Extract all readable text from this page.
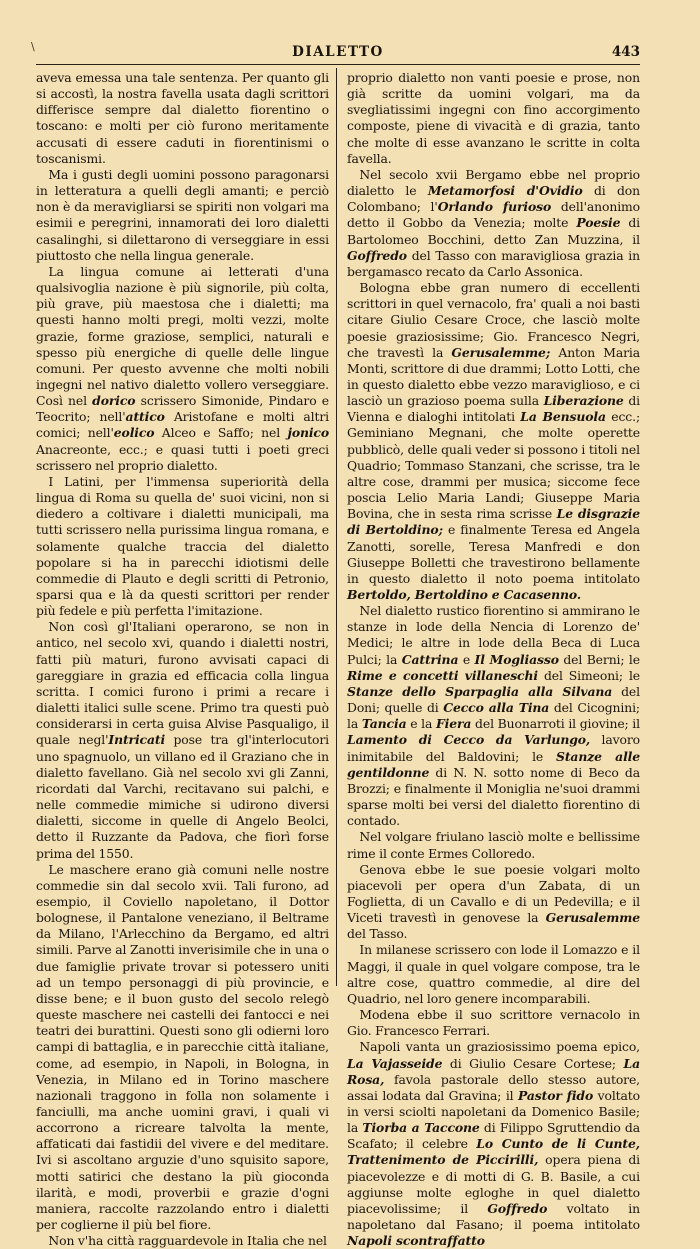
\	DIALETTO	443

aveva emessa una tale sentenza. Per quanto gli si accostì, la nostra favella usata dagli scrittori differisce sempre dal dialetto fiorentino o toscano: e molti per ciò furono meritamente accusati di essere caduti in fiorentinismi o toscanismi.

Ma i gusti degli uomini possono paragonarsi in letteratura a quelli degli amanti; e perciò non è da meravigliarsi se spiriti non volgari ma esimii e peregrini, innamorati dei loro dialetti casalinghi, si dilettarono di verseggiare in essi piuttosto che nella lingua generale.

La lingua comune ai letterati d'una qualsivoglia nazione è più signorile, più colta, più grave, più maestosa che i dialetti; ma questi hanno molti pregi, molti vezzi, molte grazie, forme graziose, semplici, naturali e spesso più energiche di quelle delle lingue comuni. Per questo avvenne che molti nobili ingegni nel nativo dialetto vollero verseggiare. Così nel dorico scrissero Simonide, Pindaro e Teocrito; nell'attico Aristofane e molti altri comici; nell'eolico Alceo e Saffo; nel jonico Anacreonte, ecc.; e quasi tutti i poeti greci scrissero nel proprio dialetto.

I Latini, per l'immensa superiorità della lingua di Roma su quella de' suoi vicini, non si diedero a coltivare i dialetti municipali, ma tutti scrissero nella purissima lingua romana, e solamente qualche traccia del dialetto popolare si ha in parecchi idiotismi delle commedie di Plauto e degli scritti di Petronio, sparsi qua e là da questi scrittori per render più fedele e più perfetta l'imitazione.

Non così gl'Italiani operarono, se non in antico, nel secolo xvi, quando i dialetti nostri, fatti più maturi, furono avvisati capaci di gareggiare in grazia ed efficacia colla lingua scritta. I comici furono i primi a recare i dialetti italici sulle scene. Primo tra questi può considerarsi in certa guisa Alvise Pasqualigo, il quale negl'Intricati pose tra gl'interlocutori uno spagnuolo, un villano ed il Graziano che in dialetto favellano. Già nel secolo xvi gli Zanni, ricordati dal Varchi, recitavano sui palchi, e nelle commedie mimiche si udirono diversi dialetti, siccome in quelle di Angelo Beolci, detto il Ruzzante da Padova, che fiorì forse prima del 1550.

Le maschere erano già comuni nelle nostre commedie sin dal secolo xvii. Tali furono, ad esempio, il Coviello napoletano, il Dottor bolognese, il Pantalone veneziano, il Beltrame da Milano, l'Arlecchino da Bergamo, ed altri simili. Parve al Zanotti inverisimile che in una o due famiglie private trovar si potessero uniti ad un tempo personaggi di più provincie, e disse bene; e il buon gusto del secolo relegò queste maschere nei castelli dei fantocci e nei teatri dei burattini. Questi sono gli odierni loro campi di battaglia, e in parecchie città italiane, come, ad esempio, in Napoli, in Bologna, in Venezia, in Milano ed in Torino maschere nazionali traggono in folla non solamente i fanciulli, ma anche uomini gravi, i quali vi accorrono a ricreare talvolta la mente, affaticati dai fastidii del vivere e del meditare. Ivi si ascoltano arguzie d'uno squisito sapore, motti satirici che destano la più gioconda ilarità, e modi, proverbii e grazie d'ogni maniera, raccolte razzolando entro i dialetti per coglierne il più bel fiore.

Non v'ha città ragguardevole in Italia che nel

proprio dialetto non vanti poesie e prose, non già scritte da uomini volgari, ma da svegliatissimi ingegni con fino accorgimento composte, piene di vivacità e di grazia, tanto che molte di esse avanzano le scritte in colta favella.

Nel secolo xvii Bergamo ebbe nel proprio dialetto le Metamorfosi d'Ovidio di don Colombano; l'Orlando furioso dell'anonimo detto il Gobbo da Venezia; molte Poesie di Bartolomeo Bocchini, detto Zan Muzzina, il Goffredo del Tasso con maravigliosa grazia in bergamasco recato da Carlo Assonica.

Bologna ebbe gran numero di eccellenti scrittori in quel vernacolo, fra' quali a noi basti citare Giulio Cesare Croce, che lasciò molte poesie graziosissime; Gio. Francesco Negri, che travestì la Gerusalemme; Anton Maria Monti, scrittore di due drammi; Lotto Lotti, che in questo dialetto ebbe vezzo maraviglioso, e ci lasciò un grazioso poema sulla Liberazione di Vienna e dialoghi intitolati La Bensuola ecc.; Geminiano Megnani, che molte operette pubblicò, delle quali veder si possono i titoli nel Quadrio; Tommaso Stanzani, che scrisse, tra le altre cose, drammi per musica; siccome fece poscia Lelio Maria Landi; Giuseppe Maria Bovina, che in sesta rima scrisse Le disgrazie di Bertoldino; e finalmente Teresa ed Angela Zanotti, sorelle, Teresa Manfredi e don Giuseppe Bolletti che travestirono bellamente in questo dialetto il noto poema intitolato Bertoldo, Bertoldino e Cacasenno.

Nel dialetto rustico fiorentino si ammirano le stanze in lode della Nencia di Lorenzo de' Medici; le altre in lode della Beca di Luca Pulci; la Cattrina e Il Mogliasso del Berni; le Rime e concetti villaneschi del Simeoni; le Stanze dello Sparpaglia alla Silvana del Doni; quelle di Cecco alla Tina del Cicognini; la Tancia e la Fiera del Buonarroti il giovine; il Lamento di Cecco da Varlungo, lavoro inimitabile del Baldovini; le Stanze alle gentildonne di N. N. sotto nome di Beco da Brozzi; e finalmente il Moniglia ne'suoi drammi sparse molti bei versi del dialetto fiorentino di contado.

Nel volgare friulano lasciò molte e bellissime rime il conte Ermes Colloredo.

Genova ebbe le sue poesie volgari molto piacevoli per opera d'un Zabata, di un Foglietta, di un Cavallo e di un Pedevilla; e il Viceti travestì in genovese la Gerusalemme del Tasso.

In milanese scrissero con lode il Lomazzo e il Maggi, il quale in quel volgare compose, tra le altre cose, quattro commedie, al dire del Quadrio, nel loro genere incomparabili.

Modena ebbe il suo scrittore vernacolo in Gio. Francesco Ferrari.

Napoli vanta un graziosissimo poema epico, La Vajasseide di Giulio Cesare Cortese; La Rosa, favola pastorale dello stesso autore, assai lodata dal Gravina; il Pastor fido voltato in versi sciolti napoletani da Domenico Basile; la Tiorba a Taccone di Filippo Sgruttendio da Scafato; il celebre Lo Cunto de li Cunte, Trattenimento de Piccirilli, opera piena di piacevolezze e di motti di G. B. Basile, a cui aggiunse molte egloghe in quel dialetto piacevolissime; il Goffredo voltato in napoletano dal Fasano; il poema intitolato Napoli scontraffatto
